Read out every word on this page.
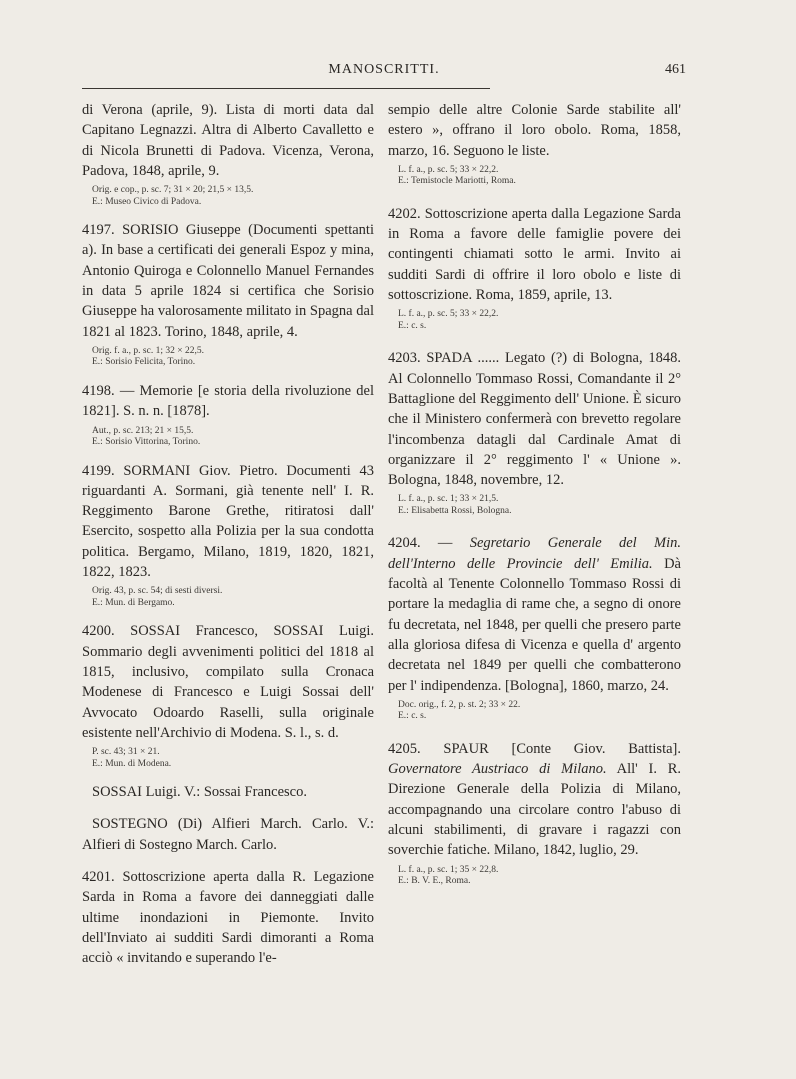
MANOSCRITTI.	461

di Verona (aprile, 9). Lista di morti data dal Capitano Legnazzi. Altra di Alberto Cavalletto e di Nicola Brunetti di Padova. Vicenza, Verona, Padova, 1848, aprile, 9.

Orig. e cop., p. sc. 7; 31 × 20; 21,5 × 13,5.

E.: Museo Civico di Padova.

4197. SORISIO Giuseppe (Documenti spettanti a). In base a certificati dei generali Espoz y mina, Antonio Quiroga e Colonnello Manuel Fernandes in data 5 aprile 1824 si certifica che Sorisio Giuseppe ha valorosamente militato in Spagna dal 1821 al 1823. Torino, 1848, aprile, 4.

Orig. f. a., p. sc. 1; 32 × 22,5.

E.: Sorisio Felicita, Torino.

4198. — Memorie [e storia della rivoluzione del 1821]. S. n. n. [1878].

Aut., p. sc. 213; 21 × 15,5.

E.: Sorisio Vittorina, Torino.

4199. SORMANI Giov. Pietro. Documenti 43 riguardanti A. Sormani, già tenente nell' I. R. Reggimento Barone Grethe, ritiratosi dall' Esercito, sospetto alla Polizia per la sua condotta politica. Bergamo, Milano, 1819, 1820, 1821, 1822, 1823.

Orig. 43, p. sc. 54; di sesti diversi.

E.: Mun. di Bergamo.

4200. SOSSAI Francesco, SOSSAI Luigi. Sommario degli avvenimenti politici del 1818 al 1815, inclusivo, compilato sulla Cronaca Modenese di Francesco e Luigi Sossai dell' Avvocato Odoardo Raselli, sulla originale esistente nell'Archivio di Modena. S. l., s. d.

P. sc. 43; 31 × 21.

E.: Mun. di Modena.

SOSSAI Luigi. V.: Sossai Francesco.

SOSTEGNO (Di) Alfieri March. Carlo. V.: Alfieri di Sostegno March. Carlo.

4201. Sottoscrizione aperta dalla R. Legazione Sarda in Roma a favore dei danneggiati dalle ultime inondazioni in Piemonte. Invito dell'Inviato ai sudditi Sardi dimoranti a Roma acciò « invitando e superando l'e-

sempio delle altre Colonie Sarde stabilite all' estero », offrano il loro obolo. Roma, 1858, marzo, 16. Seguono le liste.

L. f. a., p. sc. 5; 33 × 22,2.

E.: Temistocle Mariotti, Roma.

4202. Sottoscrizione aperta dalla Legazione Sarda in Roma a favore delle famiglie povere dei contingenti chiamati sotto le armi. Invito ai sudditi Sardi di offrire il loro obolo e liste di sottoscrizione. Roma, 1859, aprile, 13.

L. f. a., p. sc. 5; 33 × 22,2.

E.: c. s.

4203. SPADA ...... Legato (?) di Bologna, 1848. Al Colonnello Tommaso Rossi, Comandante il 2° Battaglione del Reggimento dell' Unione. È sicuro che il Ministero confermerà con brevetto regolare l'incombenza datagli dal Cardinale Amat di organizzare il 2° reggimento l' « Unione ». Bologna, 1848, novembre, 12.

L. f. a., p. sc. 1; 33 × 21,5.

E.: Elisabetta Rossi, Bologna.

4204. — Segretario Generale del Min. dell'Interno delle Provincie dell' Emilia. Dà facoltà al Tenente Colonnello Tommaso Rossi di portare la medaglia di rame che, a segno di onore fu decretata, nel 1848, per quelli che presero parte alla gloriosa difesa di Vicenza e quella d' argento decretata nel 1849 per quelli che combatterono per l' indipendenza. [Bologna], 1860, marzo, 24.

Doc. orig., f. 2, p. st. 2; 33 × 22.

E.: c. s.

4205. SPAUR [Conte Giov. Battista]. Governatore Austriaco di Milano. All' I. R. Direzione Generale della Polizia di Milano, accompagnando una circolare contro l'abuso di alcuni stabilimenti, di gravare i ragazzi con soverchie fatiche. Milano, 1842, luglio, 29.

L. f. a., p. sc. 1; 35 × 22,8.

E.: B. V. E., Roma.
